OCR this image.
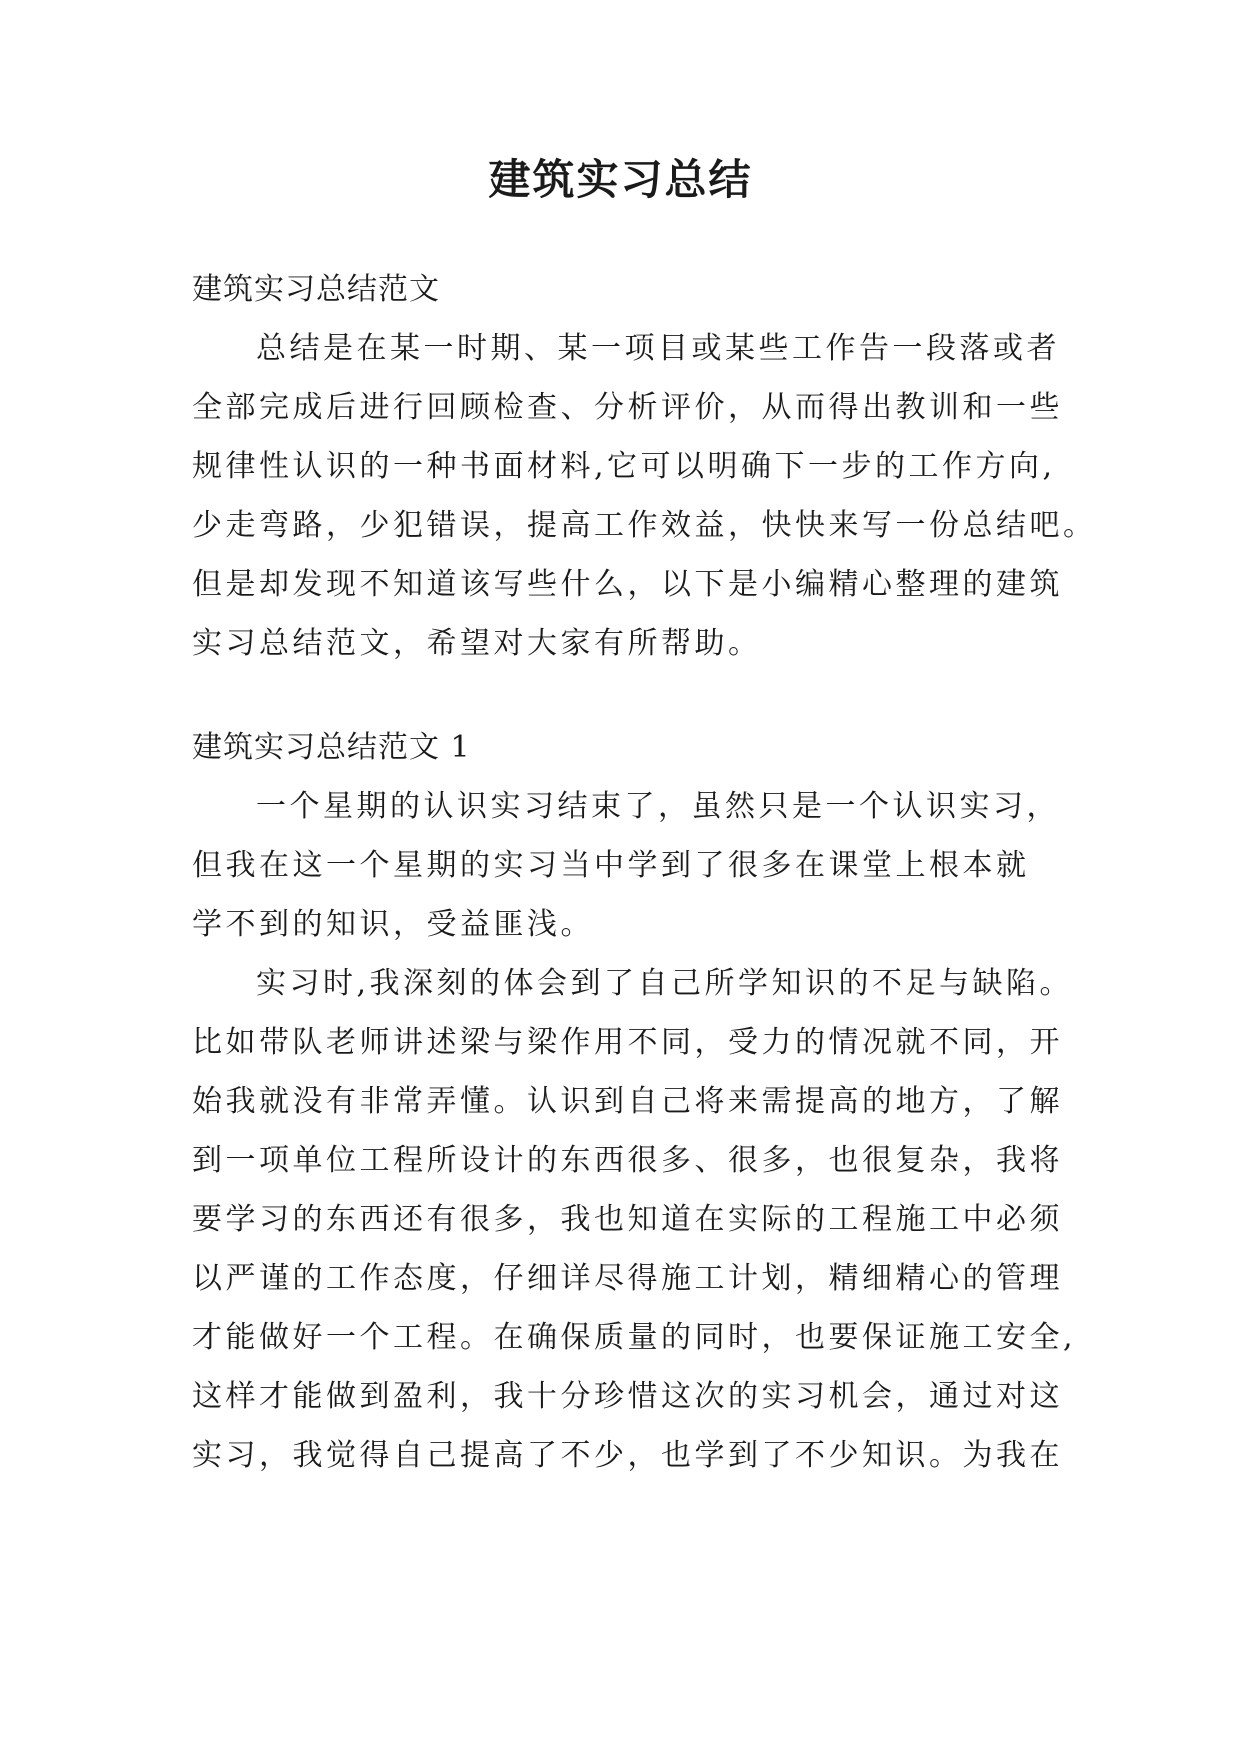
建筑实习总结
建筑实习总结范文
总结是在某一时期、某一项目或某些工作告一段落或者
全部完成后进行回顾检查、分析评价，从而得出教训和一些
规律性认识的一种书面材料,它可以明确下一步的工作方向,
少走弯路，少犯错误，提高工作效益，快快来写一份总结吧。
但是却发现不知道该写些什么，以下是小编精心整理的建筑
实习总结范文，希望对大家有所帮助。
建筑实习总结范文 1
一个星期的认识实习结束了，虽然只是一个认识实习，
但我在这一个星期的实习当中学到了很多在课堂上根本就
学不到的知识，受益匪浅。
实习时,我深刻的体会到了自己所学知识的不足与缺陷。
比如带队老师讲述梁与梁作用不同，受力的情况就不同，开
始我就没有非常弄懂。认识到自己将来需提高的地方，了解
到一项单位工程所设计的东西很多、很多，也很复杂，我将
要学习的东西还有很多，我也知道在实际的工程施工中必须
以严谨的工作态度，仔细详尽得施工计划，精细精心的管理
才能做好一个工程。在确保质量的同时，也要保证施工安全,
这样才能做到盈利，我十分珍惜这次的实习机会，通过对这
实习，我觉得自己提高了不少，也学到了不少知识。为我在
